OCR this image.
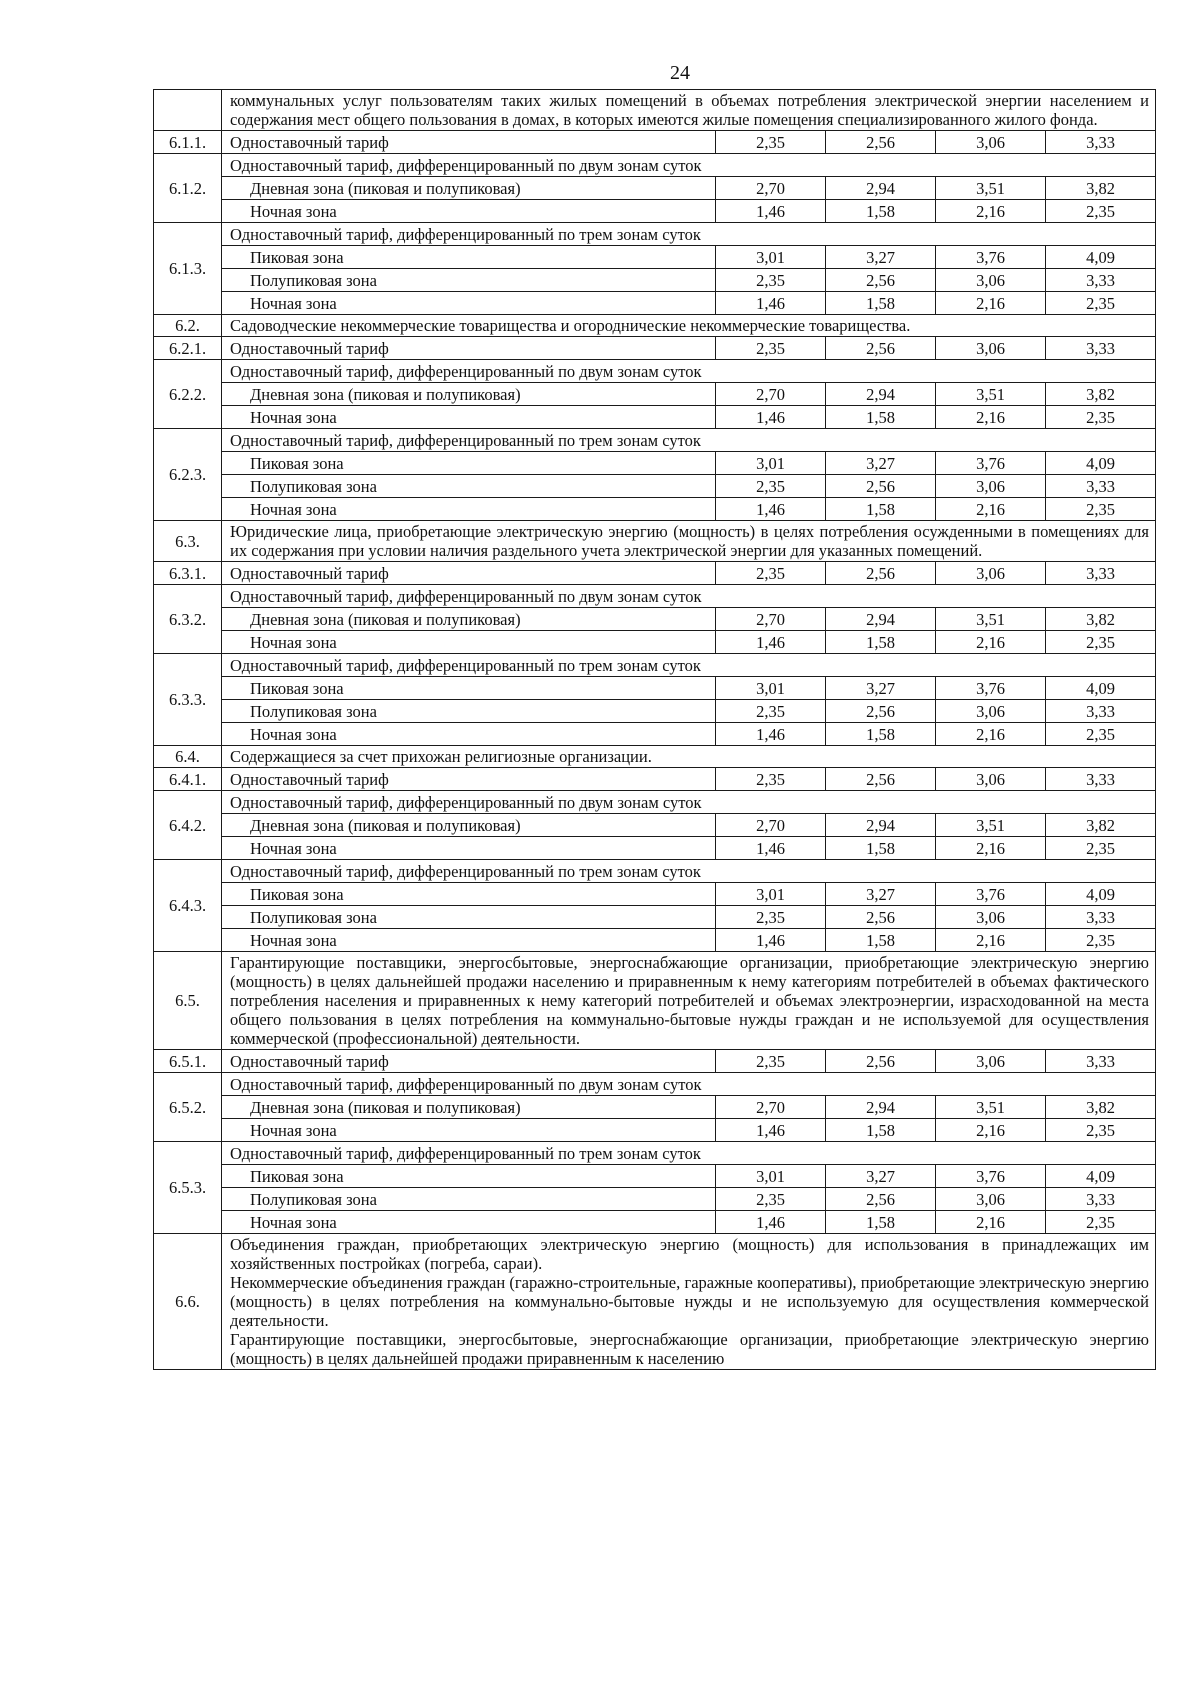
24
	коммунальных услуг пользователям таких жилых помещений в объемах потребления электрической энергии населением и содержания мест общего пользования в домах, в которых имеются жилые помещения специализированного жилого фонда.				
6.1.1.	Одноставочный тариф	2,35	2,56	3,06	3,33
6.1.2.	Одноставочный тариф, дифференцированный по двум зонам суток				
	Дневная зона (пиковая и полупиковая)	2,70	2,94	3,51	3,82
	Ночная зона	1,46	1,58	2,16	2,35
6.1.3.	Одноставочный тариф, дифференцированный по трем зонам суток				
	Пиковая зона	3,01	3,27	3,76	4,09
	Полупиковая зона	2,35	2,56	3,06	3,33
	Ночная зона	1,46	1,58	2,16	2,35
6.2.	Садоводческие некоммерческие товарищества и огороднические некоммерческие товарищества.				
6.2.1.	Одноставочный тариф	2,35	2,56	3,06	3,33
6.2.2.	Одноставочный тариф, дифференцированный по двум зонам суток				
	Дневная зона (пиковая и полупиковая)	2,70	2,94	3,51	3,82
	Ночная зона	1,46	1,58	2,16	2,35
6.2.3.	Одноставочный тариф, дифференцированный по трем зонам суток				
	Пиковая зона	3,01	3,27	3,76	4,09
	Полупиковая зона	2,35	2,56	3,06	3,33
	Ночная зона	1,46	1,58	2,16	2,35
6.3.	Юридические лица, приобретающие электрическую энергию (мощность) в целях потребления осужденными в помещениях для их содержания при условии наличия раздельного учета электрической энергии для указанных помещений.				
6.3.1.	Одноставочный тариф	2,35	2,56	3,06	3,33
6.3.2.	Одноставочный тариф, дифференцированный по двум зонам суток				
	Дневная зона (пиковая и полупиковая)	2,70	2,94	3,51	3,82
	Ночная зона	1,46	1,58	2,16	2,35
6.3.3.	Одноставочный тариф, дифференцированный по трем зонам суток				
	Пиковая зона	3,01	3,27	3,76	4,09
	Полупиковая зона	2,35	2,56	3,06	3,33
	Ночная зона	1,46	1,58	2,16	2,35
6.4.	Содержащиеся за счет прихожан религиозные организации.				
6.4.1.	Одноставочный тариф	2,35	2,56	3,06	3,33
6.4.2.	Одноставочный тариф, дифференцированный по двум зонам суток				
	Дневная зона (пиковая и полупиковая)	2,70	2,94	3,51	3,82
	Ночная зона	1,46	1,58	2,16	2,35
6.4.3.	Одноставочный тариф, дифференцированный по трем зонам суток				
	Пиковая зона	3,01	3,27	3,76	4,09
	Полупиковая зона	2,35	2,56	3,06	3,33
	Ночная зона	1,46	1,58	2,16	2,35
6.5.	Гарантирующие поставщики, энергосбытовые, энергоснабжающие организации, приобретающие электрическую энергию (мощность) в целях дальнейшей продажи населению и приравненным к нему категориям потребителей в объемах фактического потребления населения и приравненных к нему категорий потребителей и объемах электроэнергии, израсходованной на места общего пользования в целях потребления на коммунально-бытовые нужды граждан и не используемой для осуществления коммерческой (профессиональной) деятельности.				
6.5.1.	Одноставочный тариф	2,35	2,56	3,06	3,33
6.5.2.	Одноставочный тариф, дифференцированный по двум зонам суток				
	Дневная зона (пиковая и полупиковая)	2,70	2,94	3,51	3,82
	Ночная зона	1,46	1,58	2,16	2,35
6.5.3.	Одноставочный тариф, дифференцированный по трем зонам суток				
	Пиковая зона	3,01	3,27	3,76	4,09
	Полупиковая зона	2,35	2,56	3,06	3,33
	Ночная зона	1,46	1,58	2,16	2,35
6.6.	Объединения граждан, приобретающих электрическую энергию (мощность) для использования в принадлежащих им хозяйственных постройках (погреба, сараи).
Некоммерческие объединения граждан (гаражно-строительные, гаражные кооперативы), приобретающие электрическую энергию (мощность) в целях потребления на коммунально-бытовые нужды и не используемую для осуществления коммерческой деятельности.
Гарантирующие поставщики, энергосбытовые, энергоснабжающие организации, приобретающие электрическую энергию (мощность) в целях дальнейшей продажи приравненным к населению				
